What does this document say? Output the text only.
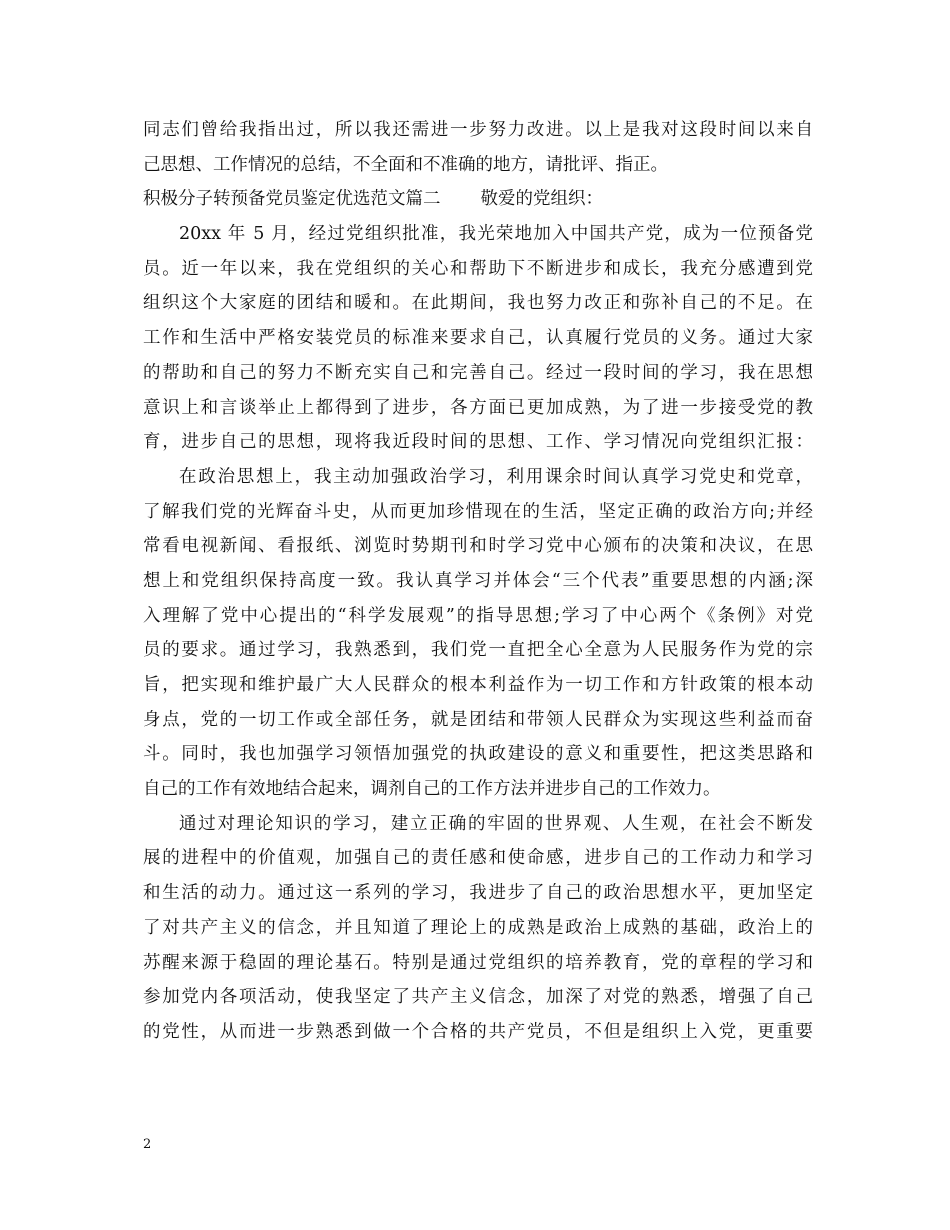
同志们曾给我指出过，所以我还需进一步努力改进。以上是我对这段时间以来自
己思想、工作情况的总结，不全面和不准确的地方，请批评、指正。
积极分子转预备党员鉴定优选范文篇二 敬爱的党组织：
20xx 年 5 月，经过党组织批准，我光荣地加入中国共产党，成为一位预备党
员。近一年以来，我在党组织的关心和帮助下不断进步和成长，我充分感遭到党
组织这个大家庭的团结和暖和。在此期间，我也努力改正和弥补自己的不足。在
工作和生活中严格安装党员的标准来要求自己，认真履行党员的义务。通过大家
的帮助和自己的努力不断充实自己和完善自己。经过一段时间的学习，我在思想
意识上和言谈举止上都得到了进步，各方面已更加成熟，为了进一步接受党的教
育，进步自己的思想，现将我近段时间的思想、工作、学习情况向党组织汇报：
在政治思想上，我主动加强政治学习，利用课余时间认真学习党史和党章，
了解我们党的光辉奋斗史，从而更加珍惜现在的生活，坚定正确的政治方向;并经
常看电视新闻、看报纸、浏览时势期刊和时学习党中心颁布的决策和决议，在思
想上和党组织保持高度一致。我认真学习并体会“三个代表”重要思想的内涵;深
入理解了党中心提出的“科学发展观”的指导思想;学习了中心两个《条例》对党
员的要求。通过学习，我熟悉到，我们党一直把全心全意为人民服务作为党的宗
旨，把实现和维护最广大人民群众的根本利益作为一切工作和方针政策的根本动
身点，党的一切工作或全部任务，就是团结和带领人民群众为实现这些利益而奋
斗。同时，我也加强学习领悟加强党的执政建设的意义和重要性，把这类思路和
自己的工作有效地结合起来，调剂自己的工作方法并进步自己的工作效力。
通过对理论知识的学习，建立正确的牢固的世界观、人生观，在社会不断发
展的进程中的价值观，加强自己的责任感和使命感，进步自己的工作动力和学习
和生活的动力。通过这一系列的学习，我进步了自己的政治思想水平，更加坚定
了对共产主义的信念，并且知道了理论上的成熟是政治上成熟的基础，政治上的
苏醒来源于稳固的理论基石。特别是通过党组织的培养教育，党的章程的学习和
参加党内各项活动，使我坚定了共产主义信念，加深了对党的熟悉，增强了自己
的党性，从而进一步熟悉到做一个合格的共产党员，不但是组织上入党，更重要
2
